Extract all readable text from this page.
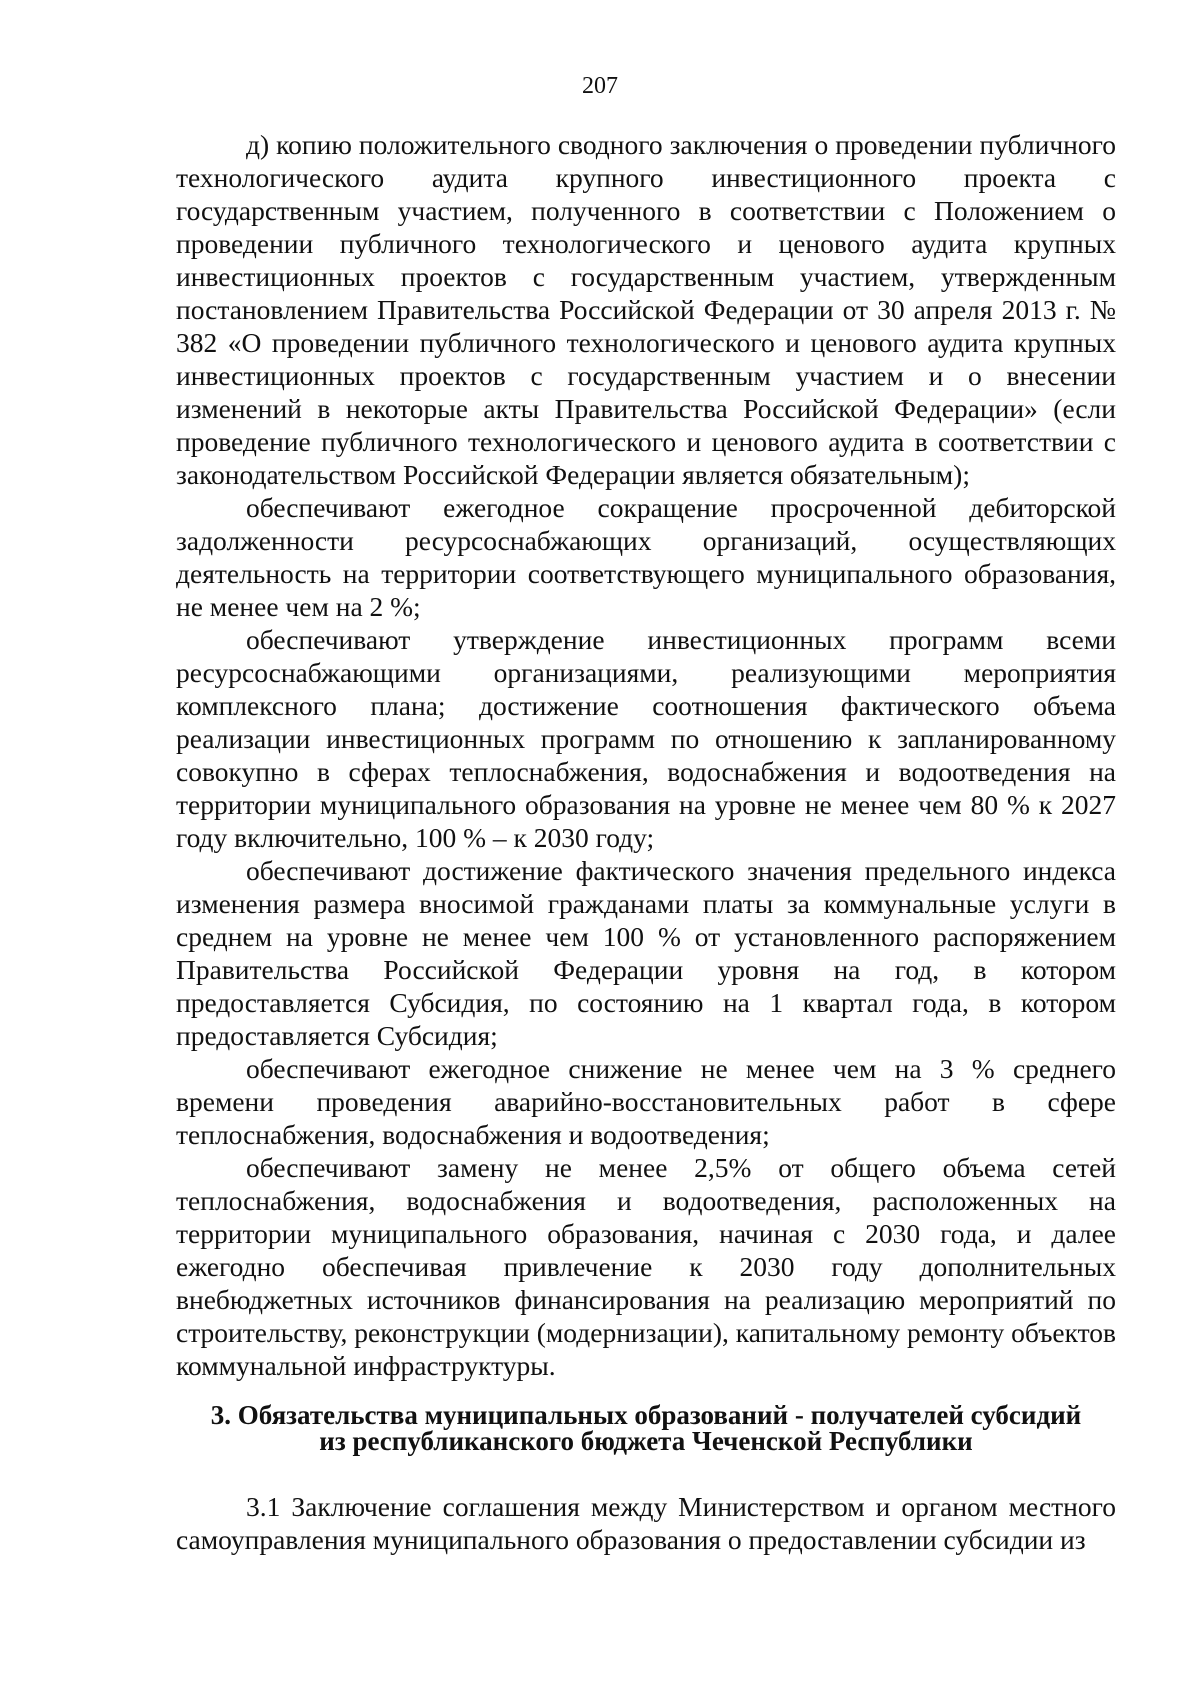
207

д) копию положительного сводного заключения о проведении публичного технологического аудита крупного инвестиционного проекта с государственным участием, полученного в соответствии с Положением о проведении публичного технологического и ценового аудита крупных инвестиционных проектов с государственным участием, утвержденным постановлением Правительства Российской Федерации от 30 апреля 2013 г. № 382 «О проведении публичного технологического и ценового аудита крупных инвестиционных проектов с государственным участием и о внесении изменений в некоторые акты Правительства Российской Федерации» (если проведение публичного технологического и ценового аудита в соответствии с законодательством Российской Федерации является обязательным);

обеспечивают ежегодное сокращение просроченной дебиторской задолженности ресурсоснабжающих организаций, осуществляющих деятельность на территории соответствующего муниципального образования, не менее чем на 2 %;

обеспечивают утверждение инвестиционных программ всеми ресурсоснабжающими организациями, реализующими мероприятия комплексного плана; достижение соотношения фактического объема реализации инвестиционных программ по отношению к запланированному совокупно в сферах теплоснабжения, водоснабжения и водоотведения на территории муниципального образования на уровне не менее чем 80 % к 2027 году включительно, 100 % – к 2030 году;

обеспечивают достижение фактического значения предельного индекса изменения размера вносимой гражданами платы за коммунальные услуги в среднем на уровне не менее чем 100 % от установленного распоряжением Правительства Российской Федерации уровня на год, в котором предоставляется Субсидия, по состоянию на 1 квартал года, в котором предоставляется Субсидия;

обеспечивают ежегодное снижение не менее чем на 3 % среднего времени проведения аварийно-восстановительных работ в сфере теплоснабжения, водоснабжения и водоотведения;

обеспечивают замену не менее 2,5% от общего объема сетей теплоснабжения, водоснабжения и водоотведения, расположенных на территории муниципального образования, начиная с 2030 года, и далее ежегодно обеспечивая привлечение к 2030 году дополнительных внебюджетных источников финансирования на реализацию мероприятий по строительству, реконструкции (модернизации), капитальному ремонту объектов коммунальной инфраструктуры.

3. Обязательства муниципальных образований - получателей субсидий
из республиканского бюджета Чеченской Республики

3.1 Заключение соглашения между Министерством и органом местного самоуправления муниципального образования о предоставлении субсидии из
